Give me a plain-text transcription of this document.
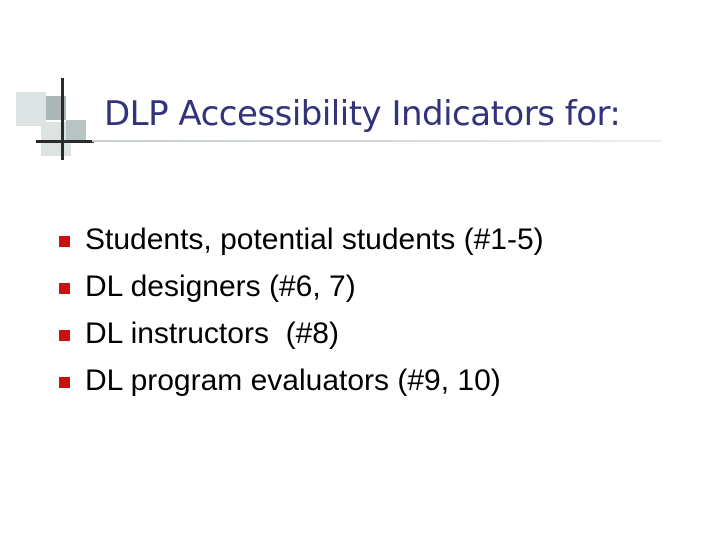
DLP Accessibility Indicators for:
Students, potential students (#1-5)
DL designers (#6, 7)
DL instructors  (#8)
DL program evaluators (#9, 10)
